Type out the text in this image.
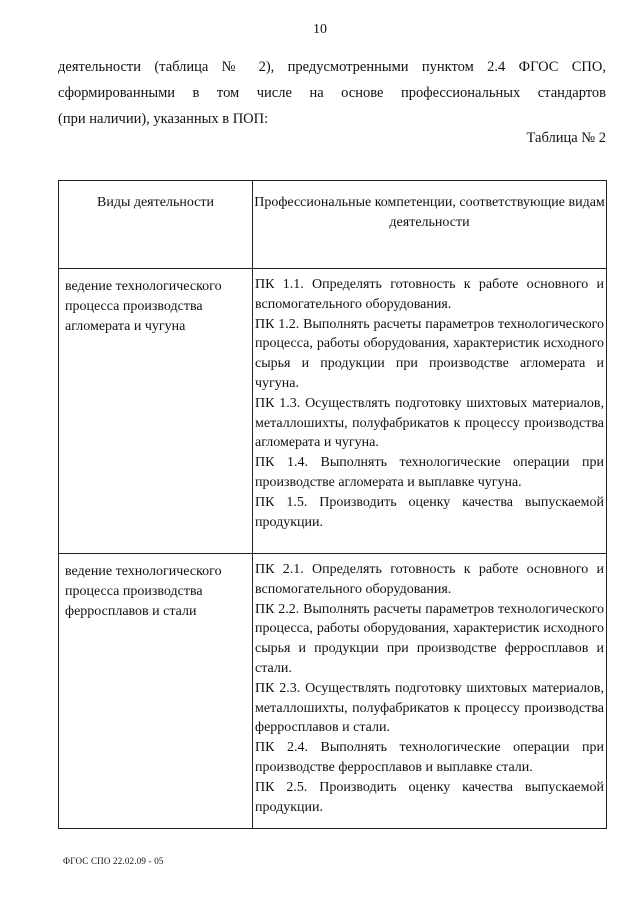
10
деятельности (таблица № 2), предусмотренными пунктом 2.4 ФГОС СПО,
сформированными в том числе на основе профессиональных стандартов
(при наличии), указанных в ПОП:
Таблица № 2
Виды деятельности	Профессиональные компетенции, соответствующие видам деятельности
ведение технологического процесса производства агломерата и чугуна	ПК 1.1. Определять готовность к работе основного и вспомогательного оборудования.
ПК 1.2. Выполнять расчеты параметров технологического процесса, работы оборудования, характеристик исходного сырья и продукции при производстве агломерата и чугуна.
ПК 1.3. Осуществлять подготовку шихтовых материалов, металлошихты, полуфабрикатов к процессу производства агломерата и чугуна.
ПК 1.4. Выполнять технологические операции при производстве агломерата и выплавке чугуна.
ПК 1.5. Производить оценку качества выпускаемой продукции.

ведение технологического процесса производства ферросплавов и стали	ПК 2.1. Определять готовность к работе основного и вспомогательного оборудования.
ПК 2.2. Выполнять расчеты параметров технологического процесса, работы оборудования, характеристик исходного сырья и продукции при производстве ферросплавов и стали.
ПК 2.3. Осуществлять подготовку шихтовых материалов, металлошихты, полуфабрикатов к процессу производства ферросплавов и стали.
ПК 2.4. Выполнять технологические операции при производстве ферросплавов и выплавке стали.
ПК 2.5. Производить оценку качества выпускаемой продукции.
ФГОС СПО 22.02.09 - 05
